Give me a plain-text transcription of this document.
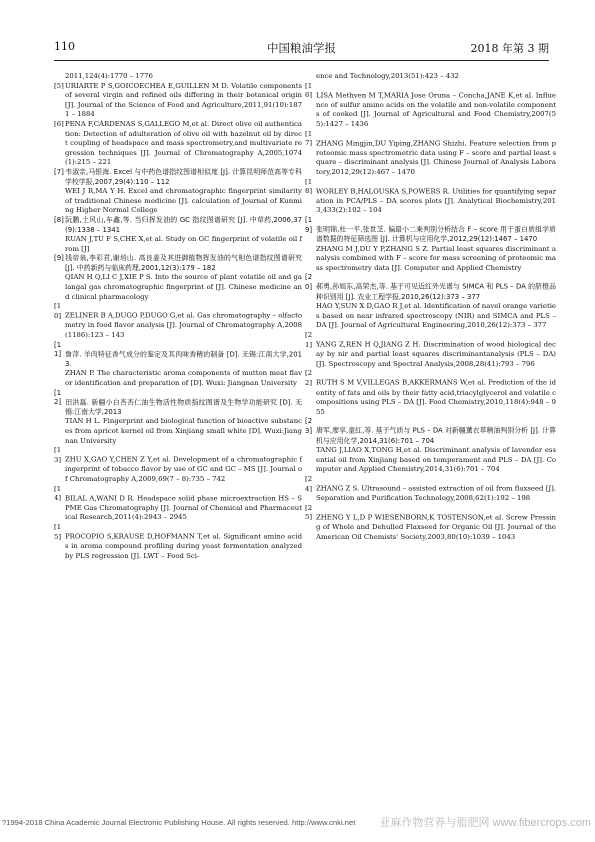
110	中国粮油学报	2018 年第 3 期

2011,124(4):1770 – 1776

[5]URIARTE P S,GOICOECHEA E,GUILLEN M D. Volatile components of several virgin and refined oils differing in their botanical origin [J]. Journal of the Science of Food and Agriculture,2011,91(10):1871 – 1884

[6]PENA F,CÁRDENAS S,GALLEGO M,et al. Direct olive oil authentication: Detection of adulteration of olive oil with hazelnut oil by direct coupling of headspace and mass spectrometry,and multivariate regression techniques [J]. Journal of Chromatography A,2005,1074(1):215 – 221

[7]韦淑亲,马银海. Excel 与中药色谱指纹图谱相似度 [J]. 计算昆明师范高等专科学校学报,2007,29(4):110 – 112

WEI J R,MA Y H. Excel and chromatographic fingerprint similarity of traditional Chinese medicine [J]. calculation of Journal of Kunming Higher Normal College

[8]阮鹏,土风山,车鑫,等. 当归挥发油的 GC 指纹图谱研究 [J]. 中草药,2006,37(9):1338 – 1341

RUAN J,TU F S,CHE X,et al. Study on GC fingerprint of volatile oil from [J]

[9]钱帝泉,李彩君,谢培山. 高良姜及其进御植物挥发油的气相色谱指纹图谱研究 [J]. 中药新药与临床药理,2001,12(3):179 – 182

QIAN H Q,LI C J,XIE P S. Into the source of plant volatile oil and galangal gas chromatographic fingerprint of [J]. Chinese medicine and clinical pharmacology

[10] ZELINER B A,DUGO P,DUGO G,et al. Gas chromatography – olfactometry in food flavor analysis [J]. Journal of Chromatography A,2008(1186):123 – 143

[11] 詹萍. 羊肉特征香气成分的鉴定及其肉味香精的制备 [D]. 无锡:江南大学,2013.

ZHAN P. The characteristic aroma components of mutton meat flavor identification and preparation of [D]. Wuxi: Jiangnan University

[12] 田洪磊. 新疆小白杏杏仁油生物活性物质指纹图谱及生物学功能研究 [D]. 无锡:江南大学,2013

TIAN H L. Fingerprint and biological function of bioactive substances from apricot kernel oil from Xinjiang small white [D]. Wuxi:Jiangnan University

[13] ZHU X,GAO Y,CHEN Z Y,et al. Development of a chromatographic fingerprint of tobacco flavor by use of GC and GC – MS [J]. Journal of Chromatography A,2009,69(7 – 8):735 – 742

[14] BILAL A,WANI D R. Headspace solid phase microextraction HS – SPME Gas Chromatography [J]. Journal of Chemical and Pharmaceutical Research,2011(4):2943 – 2945

[15] PROCOPIO S,KRAUSE D,HOFMANN T,et al. Significant amino acids in aroma compound profiling during yeast fermentation analyzed by PLS regression [J]. LWT – Food Sci-

ence and Technology,2013(51):423 – 432

[16] LISA Methven M T,MARIA Jose Oruna – Concha,JANE K,et al. Influence of sulfur amino acids on the volatile and non-volatile components of cooked [J]. Journal of Agricultural and Food Chemistry,2007(55):1427 – 1436

[17] ZHANG Mingjin,DU Yiping,ZHANG Shizhi. Feature selection from proteomic mass spectrometric data using F – score and partial least square – discriminant analysis [J]. Chinese Journal of Analysis Laboratory,2012,29(12):467 – 1470

[18] WORLEY B,HALOUSKA S,POWERS R. Utilities for quantifying separation in PCA/PLS – DA scores plots [J]. Analytical Biochemistry,2013,433(2):102 – 104

[19] 张明锦,杜一平,张世芝. 偏最小二乘判别分析结合 F – score 用于蛋白质组学质谱数据的特征筛选图 [J]. 计算机与应用化学,2012,29(12):1467 – 1470

ZHANG M J,DU Y P,ZHANG S Z. Partial least squares discriminant analysis combined with F – score for mass screening of proteomic mass spectrometry data [J]. Computer and Applied Chemistry

[20] 郝勇,孙旭东,高荣杰,等. 基于可见近红外光谱与 SIMCA 和 PLS – DA 的脐橙品种识别用 [J]. 农业工程学报,2010,26(12):373 – 377

HAO Y,SUN X D,GAO R J,et al. Identification of navel orange varieties based on near infrared spectroscopy (NIR) and SIMCA and PLS – DA [J]. Journal of Agricultural Engineering,2010,26(12):373 – 377

[21] YANG Z,REN H Q,JIANG Z H. Discrimination of wood biological decay by nir and partial least squares discriminantanalysis (PLS – DA) [J]. Spectroscopy and Spectral Analysis,2008,28(41):793 – 796

[22] RUTH S M V,VILLEGAS B,AKKERMANS W,et al. Prediction of the identity of fats and oils by their fatty acid,triacylglycerol and volatile compositions using PLS – DA [J]. Food Chemistry,2010,118(4):948 – 955

[23] 唐军,廖享,童红,等. 基于气质与 PLS – DA 对新疆薰衣草精油判别分析 [J]. 计算机与应用化学,2014,31(6):701 – 704

TANG J,LIAO X,TONG H,et al. Discriminant analysis of lavender essential oil from Xinjiang based on temperament and PLS – DA [J]. Computer and Applied Chemistry,2014,31(6):701 – 704

[24] ZHANG Z S. Ultrasound – assisted extraction of oil from flaxseed [J]. Separation and Purification Technology,2008,62(1):192 – 198

[25] ZHENG Y L,D P WIESENBORN,K TOSTENSON,et al. Screw Pressing of Whole and Dehulled Flaxseed for Organic Oil [J]. Journal of the American Oil Chemists' Society,2003,80(10):1039 – 1043

?1994-2018 China Academic Journal Electronic Publishing House. All rights reserved. http://www.cnki.net 亚麻作物营养与脂肥网 www.fibercrops.com
